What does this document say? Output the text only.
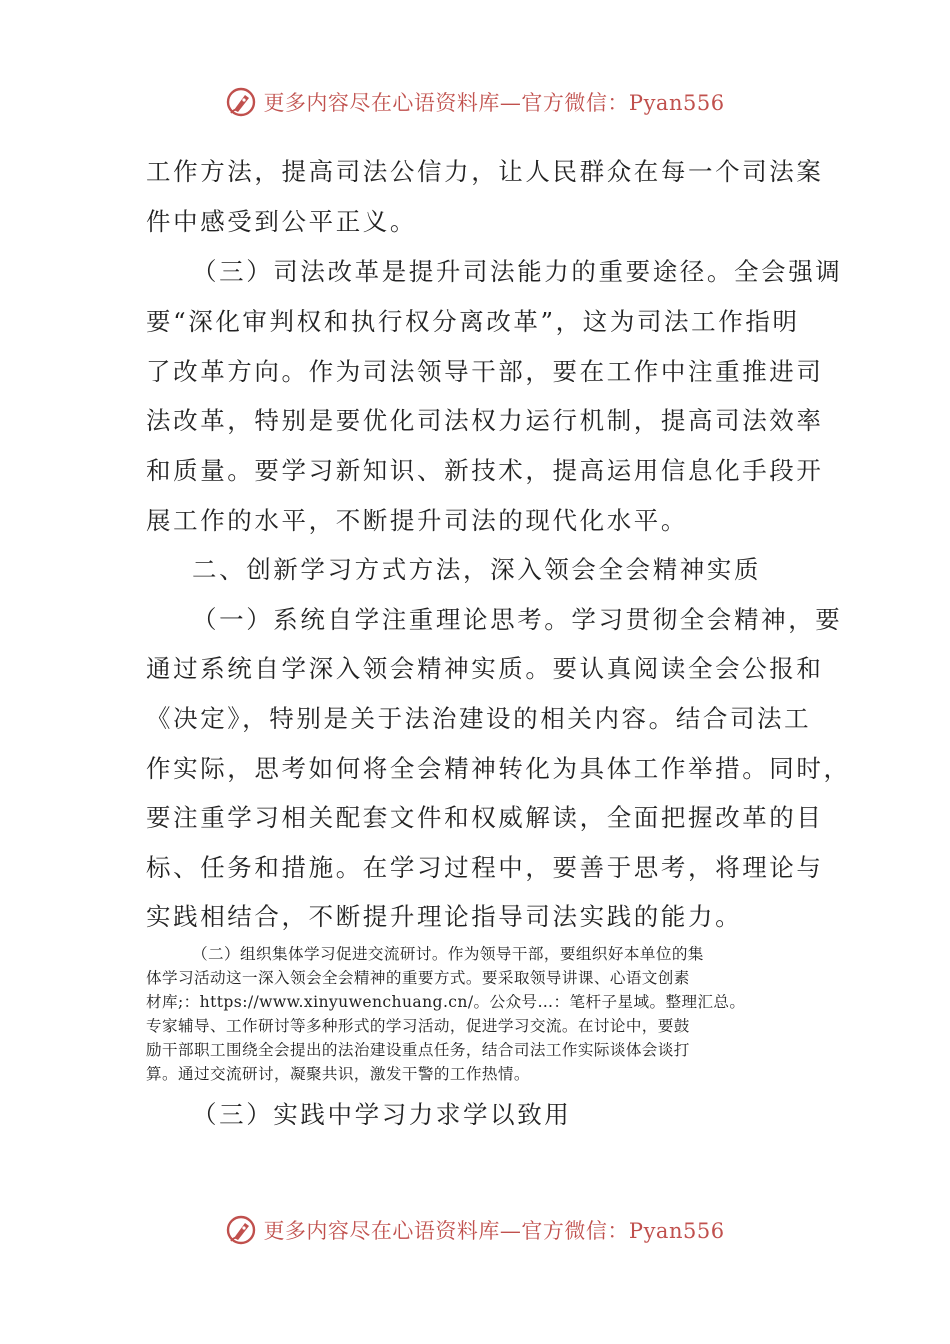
更多内容尽在心语资料库—官方微信：Pyan556
工作方法，提高司法公信力，让人民群众在每一个司法案
件中感受到公平正义。
（三）司法改革是提升司法能力的重要途径。全会强调
要“深化审判权和执行权分离改革”，这为司法工作指明
了改革方向。作为司法领导干部，要在工作中注重推进司
法改革，特别是要优化司法权力运行机制，提高司法效率
和质量。要学习新知识、新技术，提高运用信息化手段开
展工作的水平，不断提升司法的现代化水平。
二、创新学习方式方法，深入领会全会精神实质
（一）系统自学注重理论思考。学习贯彻全会精神，要
通过系统自学深入领会精神实质。要认真阅读全会公报和
《决定》，特别是关于法治建设的相关内容。结合司法工
作实际，思考如何将全会精神转化为具体工作举措。同时，
要注重学习相关配套文件和权威解读，全面把握改革的目
标、任务和措施。在学习过程中，要善于思考，将理论与
实践相结合，不断提升理论指导司法实践的能力。
（二）组织集体学习促进交流研讨。作为领导干部，要组织好本单位的集
体学习活动这一深入领会全会精神的重要方式。要采取领导讲课、心语文创素
材库;：https://www.xinyuwenchuang.cn/。公众号…：笔杆子星域。整理汇总。
专家辅导、工作研讨等多种形式的学习活动，促进学习交流。在讨论中，要鼓
励干部职工围绕全会提出的法治建设重点任务，结合司法工作实际谈体会谈打
算。通过交流研讨，凝聚共识，激发干警的工作热情。
（三）实践中学习力求学以致用
更多内容尽在心语资料库—官方微信：Pyan556
